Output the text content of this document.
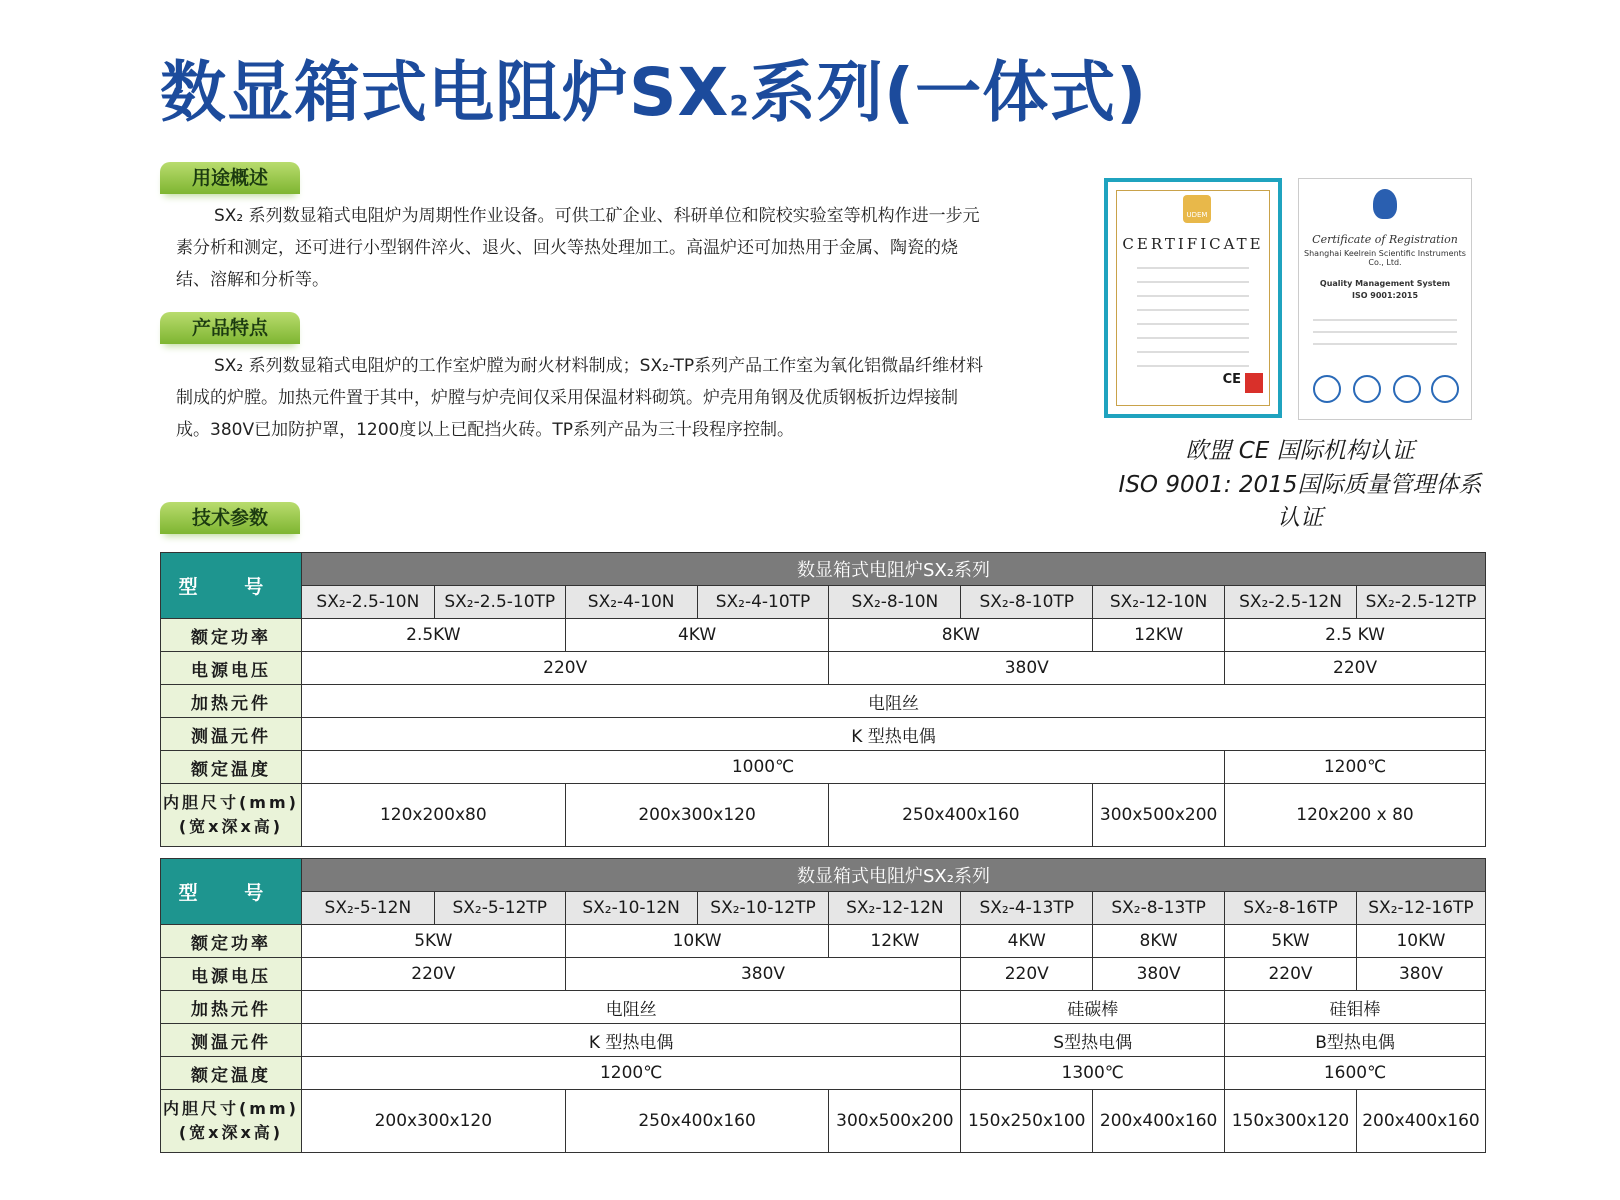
数显箱式电阻炉SX2系列(一体式)
用途概述
SX₂ 系列数显箱式电阻炉为周期性作业设备。可供工矿企业、科研单位和院校实验室等机构作进一步元素分析和测定，还可进行小型钢件淬火、退火、回火等热处理加工。高温炉还可加热用于金属、陶瓷的烧结、溶解和分析等。
产品特点
SX₂ 系列数显箱式电阻炉的工作室炉膛为耐火材料制成；SX₂-TP系列产品工作室为氧化铝微晶纤维材料制成的炉膛。加热元件置于其中，炉膛与炉壳间仅采用保温材料砌筑。炉壳用角钢及优质钢板折边焊接制成。380V已加防护罩，1200度以上已配挡火砖。TP系列产品为三十段程序控制。
技术参数
UDEM
CERTIFICATE
CE
Certificate of Registration
Shanghai Keelrein Scientific Instruments Co., Ltd.
Quality Management System
ISO 9001:2015
欧盟 CE 国际机构认证
ISO 9001: 2015国际质量管理体系认证
型 号	数显箱式电阻炉SX₂系列								
	SX₂-2.5-10N	SX₂-2.5-10TP	SX₂-4-10N	SX₂-4-10TP	SX₂-8-10N	SX₂-8-10TP	SX₂-12-10N	SX₂-2.5-12N	SX₂-2.5-12TP
额定功率	2.5KW		4KW		8KW		12KW	2.5 KW	
电源电压	220V				380V			220V	
加热元件	电阻丝								
测温元件	K 型热电偶								
额定温度	1000℃							1200℃	
内胆尺寸(mm)
(宽x深x高)	120x200x80		200x300x120		250x400x160		300x500x200	120x200 x 80	
型 号	数显箱式电阻炉SX₂系列								
	SX₂-5-12N	SX₂-5-12TP	SX₂-10-12N	SX₂-10-12TP	SX₂-12-12N	SX₂-4-13TP	SX₂-8-13TP	SX₂-8-16TP	SX₂-12-16TP
额定功率	5KW		10KW		12KW	4KW	8KW	5KW	10KW
电源电压	220V		380V			220V	380V	220V	380V
加热元件	电阻丝					硅碳棒		硅钼棒	
测温元件	K 型热电偶					S型热电偶		B型热电偶	
额定温度	1200℃					1300℃		1600℃	
内胆尺寸(mm)
(宽x深x高)	200x300x120		250x400x160		300x500x200	150x250x100	200x400x160	150x300x120	200x400x160
